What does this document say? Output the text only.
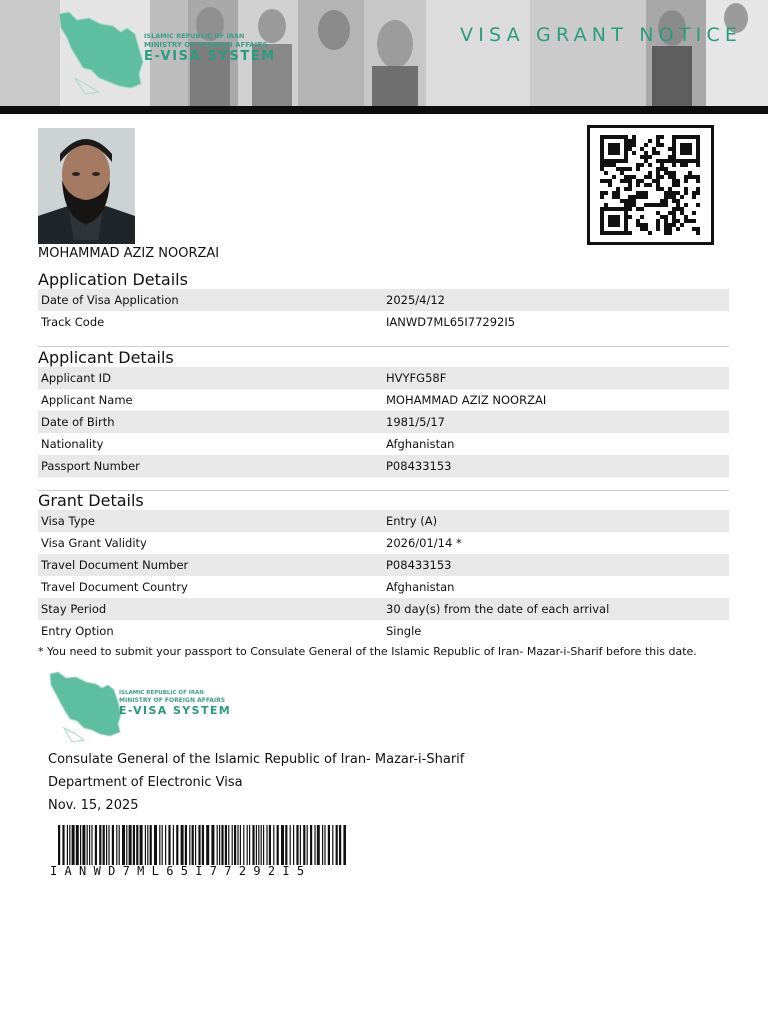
VISA GRANT NOTICE
ISLAMIC REPUBLIC OF IRAN
MINISTRY OF FOREIGN AFFAIRS
E-VISA SYSTEM
MOHAMMAD AZIZ NOORZAI
Application Details
Date of Visa Application	2025/4/12
Track Code	IANWD7ML65I77292I5
Applicant Details
Applicant ID	HVYFG58F
Applicant Name	MOHAMMAD AZIZ NOORZAI
Date of Birth	1981/5/17
Nationality	Afghanistan
Passport Number	P08433153
Grant Details
Visa Type	Entry (A)
Visa Grant Validity	2026/01/14 *
Travel Document Number	P08433153
Travel Document Country	Afghanistan
Stay Period	30 day(s) from the date of each arrival
Entry Option	Single
* You need to submit your passport to Consulate General of the Islamic Republic of Iran- Mazar-i-Sharif before this date.
ISLAMIC REPUBLIC OF IRAN
MINISTRY OF FOREIGN AFFAIRS
E-VISA SYSTEM
Consulate General of the Islamic Republic of Iran- Mazar-i-Sharif
Department of Electronic Visa
Nov. 15, 2025
IANWD7ML65I77292I5
